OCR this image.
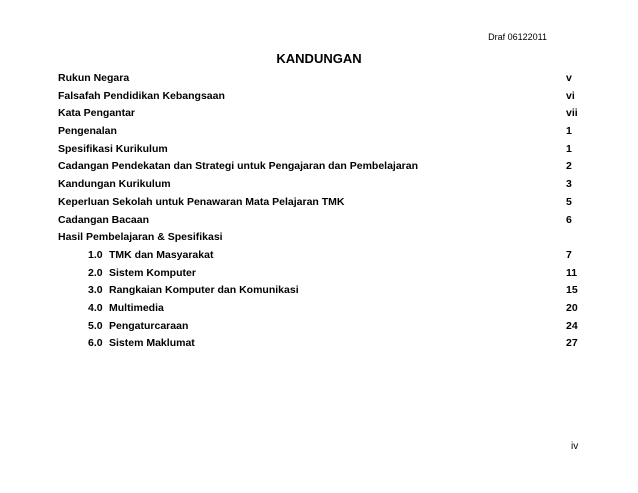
Draf 06122011
KANDUNGAN
Rukun Negara	v
Falsafah Pendidikan Kebangsaan	vi
Kata Pengantar	vii
Pengenalan	1
Spesifikasi Kurikulum	1
Cadangan Pendekatan dan Strategi untuk Pengajaran dan Pembelajaran	2
Kandungan Kurikulum	3
Keperluan Sekolah untuk Penawaran Mata Pelajaran TMK	5
Cadangan Bacaan	6
Hasil Pembelajaran & Spesifikasi
1.0 TMK dan Masyarakat	7
2.0 Sistem Komputer	11
3.0 Rangkaian Komputer dan Komunikasi	15
4.0 Multimedia	20
5.0 Pengaturcaraan	24
6.0 Sistem Maklumat	27
iv
